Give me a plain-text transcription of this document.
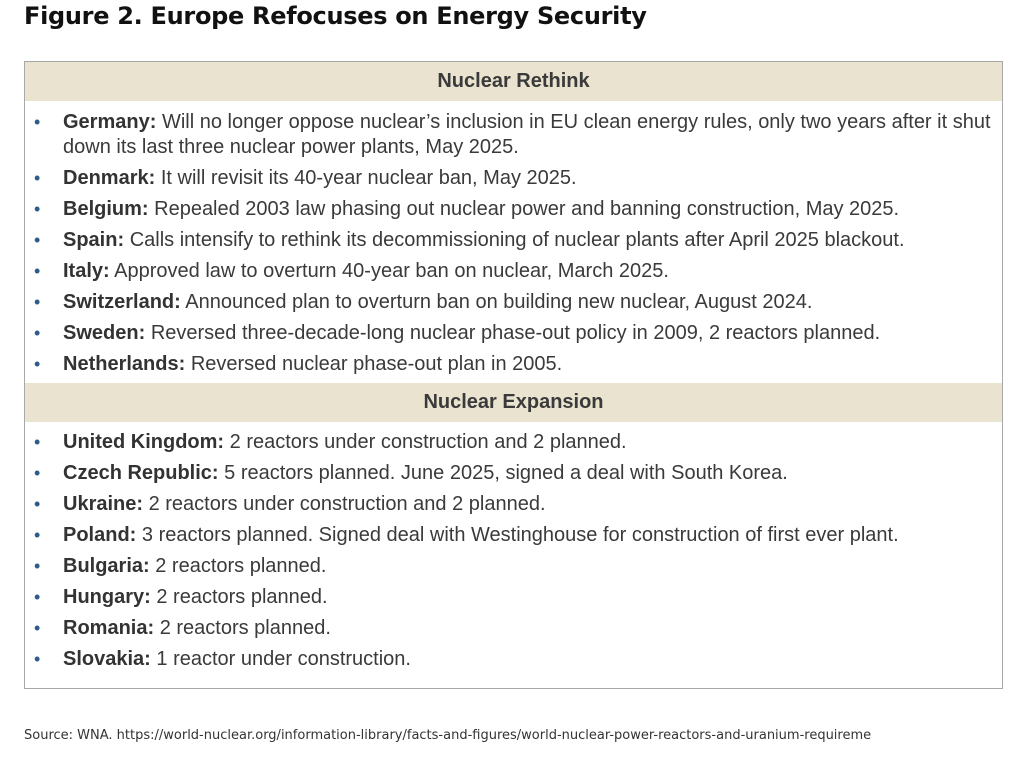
Figure 2. Europe Refocuses on Energy Security
Nuclear Rethink
• Germany: Will no longer oppose nuclear’s inclusion in EU clean energy rules, only two years after it shut down its last three nuclear power plants, May 2025.
• Denmark: It will revisit its 40-year nuclear ban, May 2025.
• Belgium: Repealed 2003 law phasing out nuclear power and banning construction, May 2025.
• Spain: Calls intensify to rethink its decommissioning of nuclear plants after April 2025 blackout.
• Italy: Approved law to overturn 40-year ban on nuclear, March 2025.
• Switzerland: Announced plan to overturn ban on building new nuclear, August 2024.
• Sweden: Reversed three-decade-long nuclear phase-out policy in 2009, 2 reactors planned.
• Netherlands: Reversed nuclear phase-out plan in 2005.
Nuclear Expansion
• United Kingdom: 2 reactors under construction and 2 planned.
• Czech Republic: 5 reactors planned. June 2025, signed a deal with South Korea.
• Ukraine: 2 reactors under construction and 2 planned.
• Poland: 3 reactors planned. Signed deal with Westinghouse for construction of first ever plant.
• Bulgaria: 2 reactors planned.
• Hungary: 2 reactors planned.
• Romania: 2 reactors planned.
• Slovakia: 1 reactor under construction.
Source: WNA. https://world-nuclear.org/information-library/facts-and-figures/world-nuclear-power-reactors-and-uranium-requireme
